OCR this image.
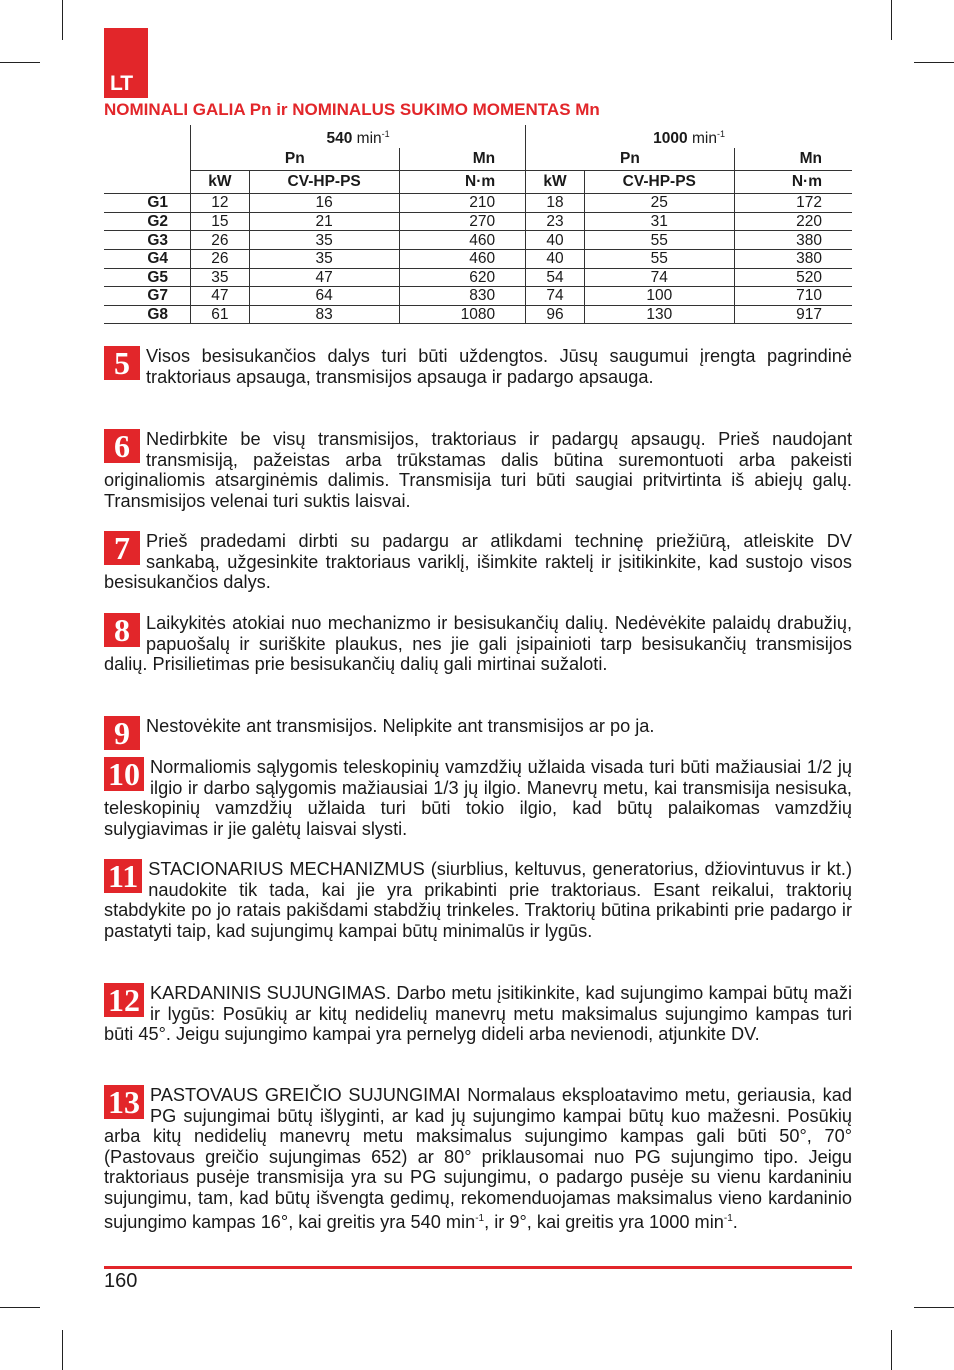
LT
NOMINALI GALIA Pn ir NOMINALUS SUKIMO MOMENTAS Mn
	540 $\min^{-1}$			1000 $\min^{-1}$
	Pn		Mn	Pn		Mn
	kW	CV-HP-PS	N·m	kW	CV-HP-PS	N·m
G1	12	16	210	18	25	172
G2	15	21	270	23	31	220
G3	26	35	460	40	55	380
G4	26	35	460	40	55	380
G5	35	47	620	54	74	520
G7	47	64	830	74	100	710
G8	61	83	1080	96	130	917
5 Visos besisukančios dalys turi būti uždengtos. Jūsų saugumui įrengta pagrindinė traktoriaus apsauga, transmisijos apsauga ir padargo apsauga.

6 Nedirbkite be visų transmisijos, traktoriaus ir padargų apsaugų. Prieš naudojant transmisiją, pažeistas arba trūkstamas dalis būtina suremontuoti arba pakeisti originaliomis atsarginėmis dalimis. Transmisija turi būti saugiai pritvirtinta iš abiejų galų. Transmisijos velenai turi suktis laisvai.

7 Prieš pradedami dirbti su padargu ar atlikdami techninę priežiūrą, atleiskite DV sankabą, užgesinkite traktoriaus variklį, išimkite raktelį ir įsitikinkite, kad sustojo visos besisukančios dalys.

8 Laikykitės atokiai nuo mechanizmo ir besisukančių dalių. Nedėvėkite palaidų drabužių, papuošalų ir suriškite plaukus, nes jie gali įsipainioti tarp besisukančių transmisijos dalių. Prisilietimas prie besisukančių dalių gali mirtinai sužaloti.

9 Nestovėkite ant transmisijos. Nelipkite ant transmisijos ar po ja.

10 Normaliomis sąlygomis teleskopinių vamzdžių užlaida visada turi būti mažiausiai 1/2 jų ilgio ir darbo sąlygomis mažiausiai 1/3 jų ilgio. Manevrų metu, kai transmisija nesisuka, teleskopinių vamzdžių užlaida turi būti tokio ilgio, kad būtų palaikomas vamzdžių sulygiavimas ir jie galėtų laisvai slysti.

11 STACIONARIUS MECHANIZMUS (siurblius, keltuvus, generatorius, džiovintuvus ir kt.) naudokite tik tada, kai jie yra prikabinti prie traktoriaus. Esant reikalui, traktorių stabdykite po jo ratais pakišdami stabdžių trinkeles. Traktorių būtina prikabinti prie padargo ir pastatyti taip, kad sujungimų kampai būtų minimalūs ir lygūs.

12 KARDANINIS SUJUNGIMAS. Darbo metu įsitikinkite, kad sujungimo kampai būtų maži ir lygūs: Posūkių ar kitų nedidelių manevrų metu maksimalus sujungimo kampas turi būti 45°. Jeigu sujungimo kampai yra pernelyg dideli arba nevienodi, atjunkite DV.

13 PASTOVAUS GREIČIO SUJUNGIMAI Normalaus eksploatavimo metu, geriausia, kad PG sujungimai būtų išlyginti, ar kad jų sujungimo kampai būtų kuo mažesni. Posūkių arba kitų nedidelių manevrų metu maksimalus sujungimo kampas gali būti 50°, 70° (Pastovaus greičio sujungimas 652) ar 80° priklausomai nuo PG sujungimo tipo. Jeigu traktoriaus pusėje transmisija yra su PG sujungimu, o padargo pusėje su vienu kardaniniu sujungimu, tam, kad būtų išvengta gedimų, rekomenduojamas maksimalus vieno kardaninio sujungimo kampas 16°, kai greitis yra 540 $\min^{-1}$, ir 9°, kai greitis yra 1000 $\min^{-1}$.

160
